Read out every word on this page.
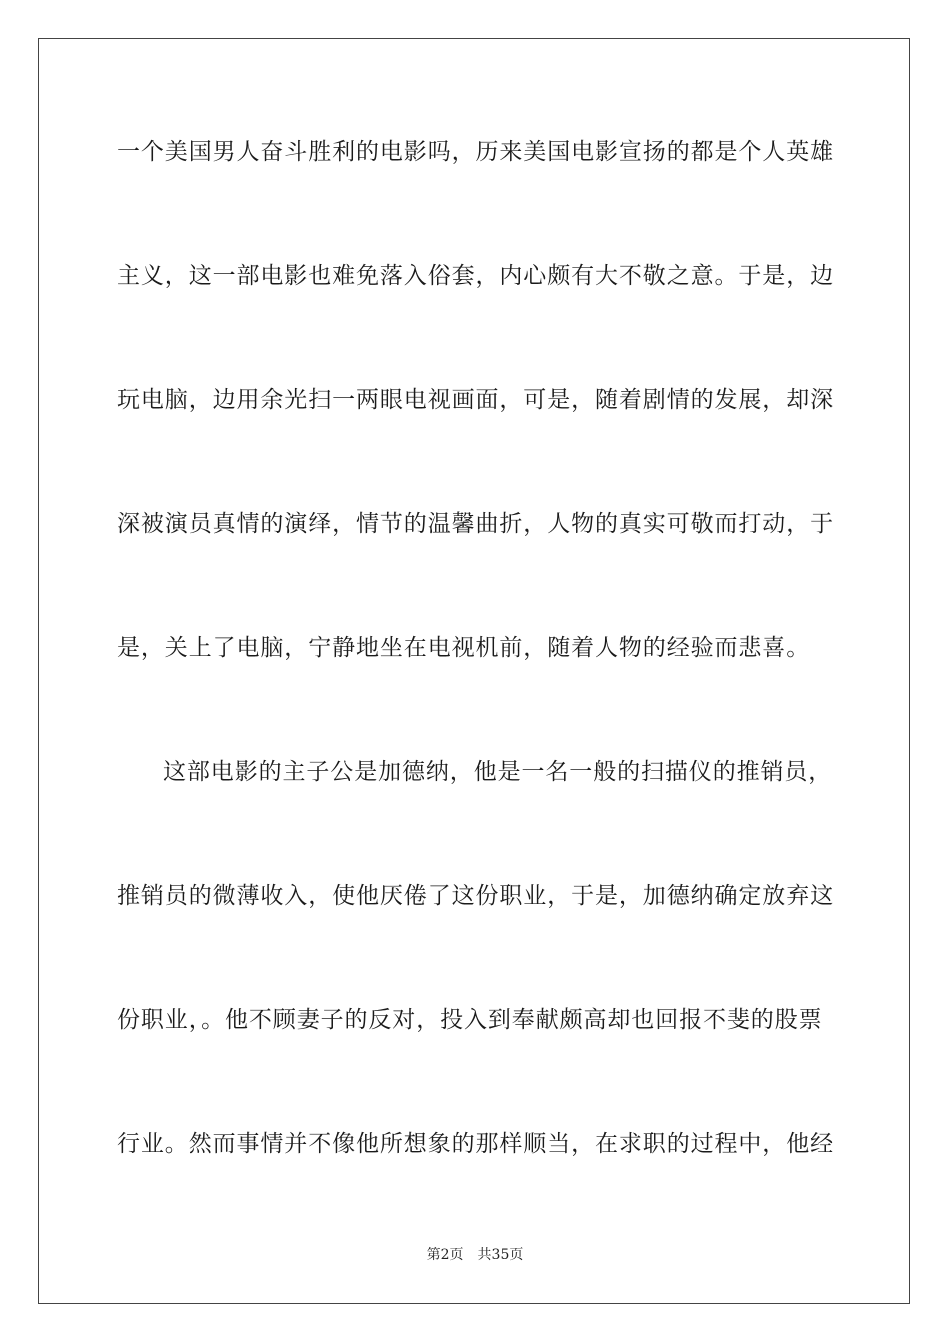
一个美国男人奋斗胜利的电影吗，历来美国电影宣扬的都是个人英雄
主义，这一部电影也难免落入俗套，内心颇有大不敬之意。于是，边
玩电脑，边用余光扫一两眼电视画面，可是，随着剧情的发展，却深
深被演员真情的演绎，情节的温馨曲折，人物的真实可敬而打动，于
是，关上了电脑，宁静地坐在电视机前，随着人物的经验而悲喜。
这部电影的主子公是加德纳，他是一名一般的扫描仪的推销员，
推销员的微薄收入，使他厌倦了这份职业，于是，加德纳确定放弃这
份职业，。他不顾妻子的反对，投入到奉献颇高却也回报不斐的股票
行业。然而事情并不像他所想象的那样顺当，在求职的过程中，他经
第2页 共35页
